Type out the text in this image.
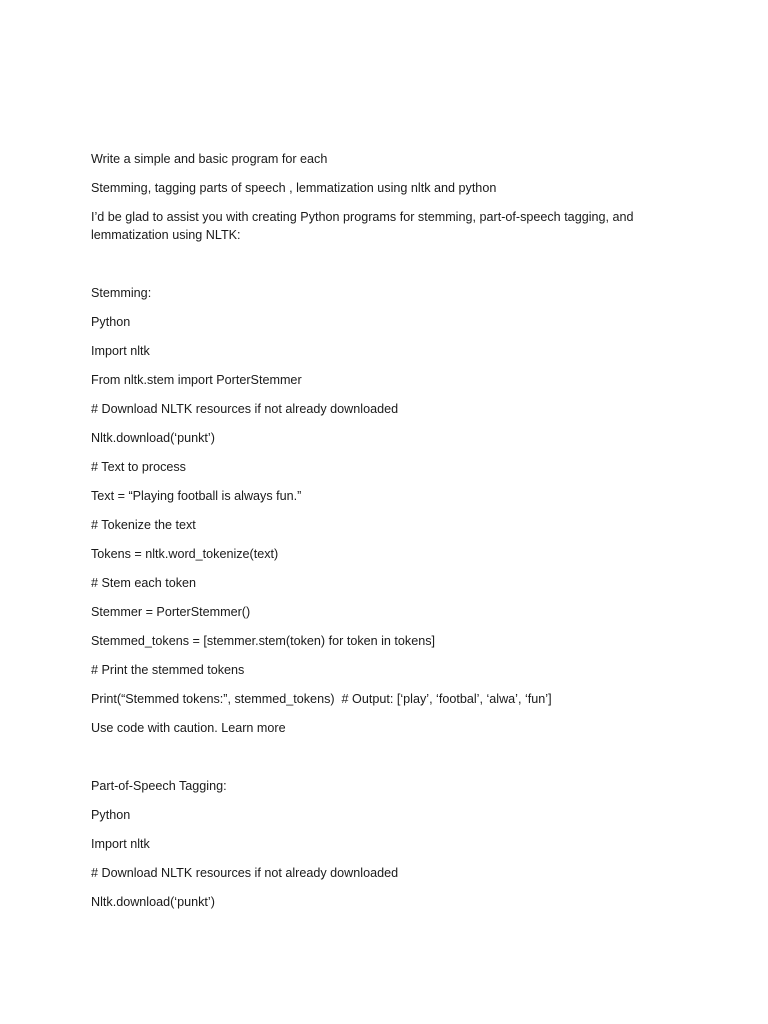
Write a simple and basic program for each
Stemming, tagging parts of speech , lemmatization using nltk and python
I’d be glad to assist you with creating Python programs for stemming, part-of-speech tagging, and lemmatization using NLTK:
Stemming:
Python
Import nltk
From nltk.stem import PorterStemmer
# Download NLTK resources if not already downloaded
Nltk.download(‘punkt’)
# Text to process
Text = “Playing football is always fun.”
# Tokenize the text
Tokens = nltk.word_tokenize(text)
# Stem each token
Stemmer = PorterStemmer()
Stemmed_tokens = [stemmer.stem(token) for token in tokens]
# Print the stemmed tokens
Print(“Stemmed tokens:”, stemmed_tokens)  # Output: [‘play’, ‘footbal’, ‘alwa’, ‘fun’]
Use code with caution. Learn more
Part-of-Speech Tagging:
Python
Import nltk
# Download NLTK resources if not already downloaded
Nltk.download(‘punkt’)
